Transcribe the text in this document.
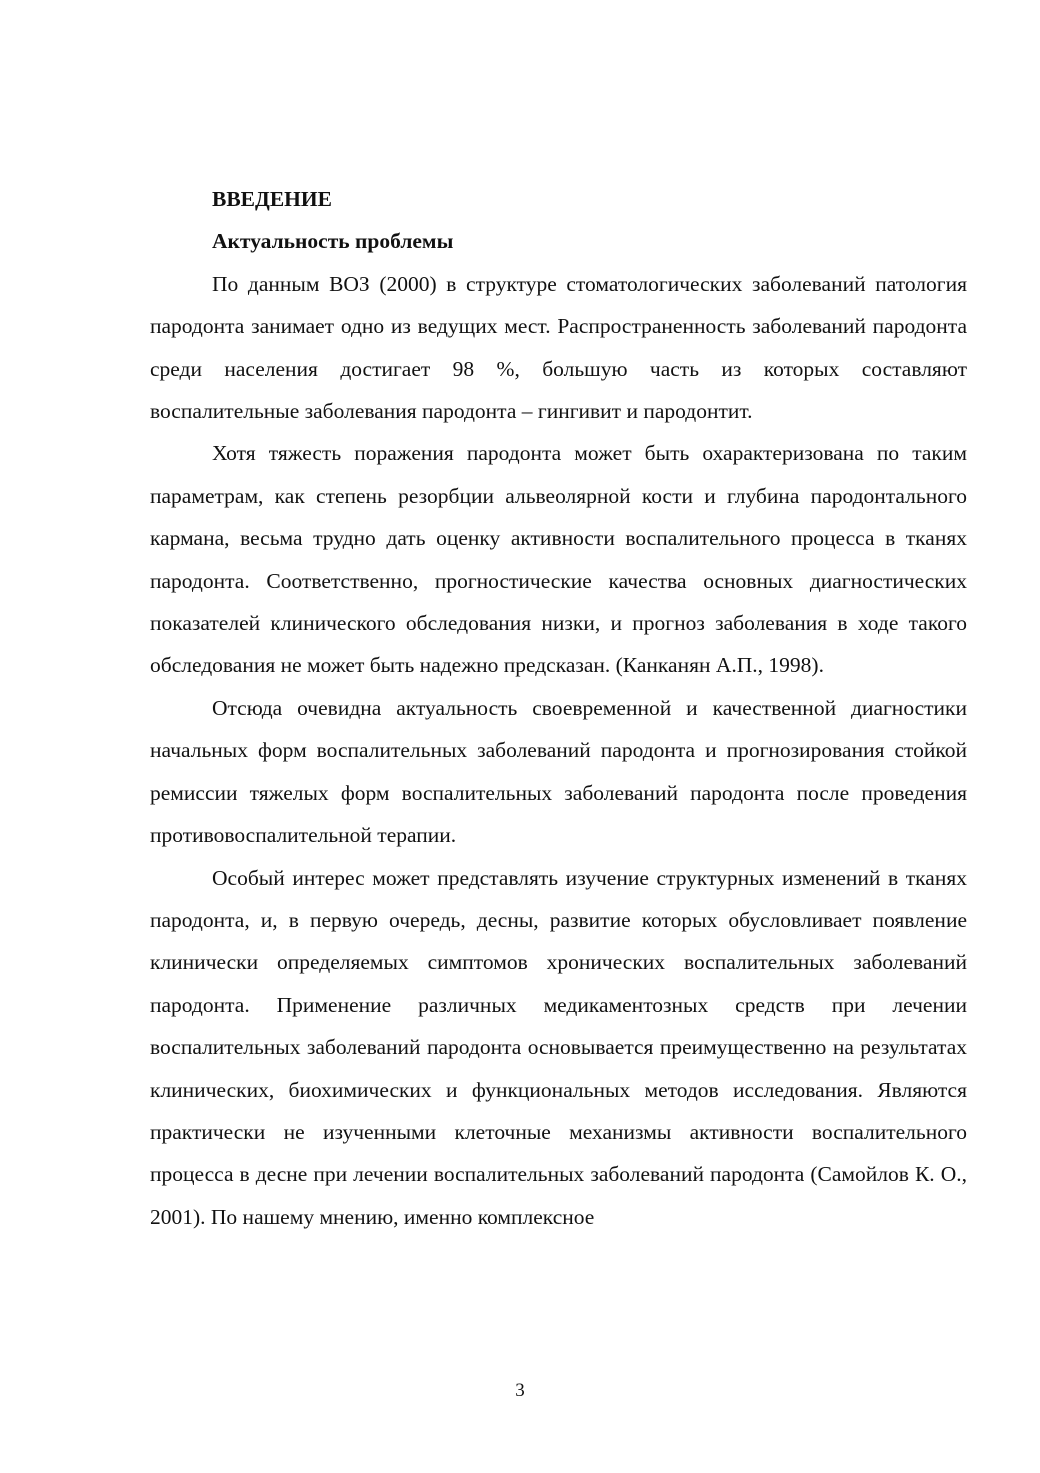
ВВЕДЕНИЕ

Актуальность проблемы

По данным ВОЗ (2000) в структуре стоматологических заболеваний патология пародонта занимает одно из ведущих мест. Распространенность заболеваний пародонта среди населения достигает 98 %, большую часть из которых составляют воспалительные заболевания пародонта – гингивит и пародонтит.

Хотя тяжесть поражения пародонта может быть охарактеризована по таким параметрам, как степень резорбции альвеолярной кости и глубина пародонтального кармана, весьма трудно дать оценку активности воспалительного процесса в тканях пародонта. Соответственно, прогностические качества основных диагностических показателей клинического обследования низки, и прогноз заболевания в ходе такого обследования не может быть надежно предсказан. (Канканян А.П., 1998).

Отсюда очевидна актуальность своевременной и качественной диагностики начальных форм воспалительных заболеваний пародонта и прогнозирования стойкой ремиссии тяжелых форм воспалительных заболеваний пародонта после проведения противовоспалительной терапии.

Особый интерес может представлять изучение структурных изменений в тканях пародонта, и, в первую очередь, десны, развитие которых обусловливает появление клинически определяемых симптомов хронических воспалительных заболеваний пародонта. Применение различных медикаментозных средств при лечении воспалительных заболеваний пародонта основывается преимущественно на результатах клинических, биохимических и функциональных методов исследования. Являются практически не изученными клеточные механизмы активности воспалительного процесса в десне при лечении воспалительных заболеваний пародонта (Самойлов К. О., 2001). По нашему мнению, именно комплексное

3
